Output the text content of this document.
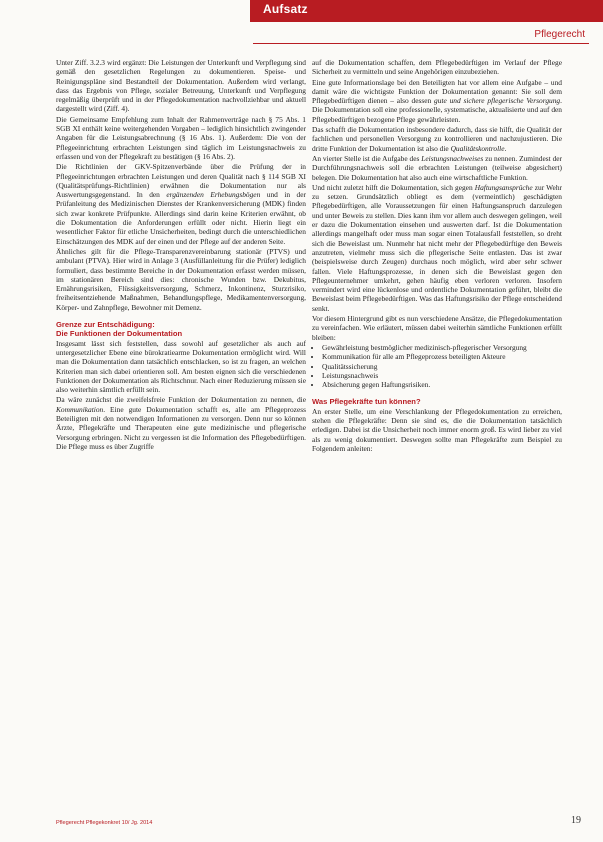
Aufsatz
Pflegerecht

Unter Ziff. 3.2.3 wird ergänzt: Die Leistungen der Unterkunft und Verpflegung sind gemäß den gesetzlichen Regelungen zu dokumentieren. Speise- und Reinigungspläne sind Bestandteil der Dokumentation. Außerdem wird verlangt, dass das Ergebnis von Pflege, sozialer Betreuung, Unterkunft und Verpflegung regelmäßig überprüft und in der Pflegedokumentation nachvollziehbar und aktuell dargestellt wird (Ziff. 4).

Die Gemeinsame Empfehlung zum Inhalt der Rahmenverträge nach § 75 Abs. 1 SGB XI enthält keine weitergehenden Vorgaben – lediglich hinsichtlich zwingender Angaben für die Leistungsabrechnung (§ 16 Abs. 1). Außerdem: Die von der Pflegeeinrichtung erbrachten Leistungen sind täglich im Leistungsnachweis zu erfassen und von der Pflegekraft zu bestätigen (§ 16 Abs. 2).

Die Richtlinien der GKV-Spitzenverbände über die Prüfung der in Pflegeeinrichtungen erbrachten Leistungen und deren Qualität nach § 114 SGB XI (Qualitätsprüfungs-Richtlinien) erwähnen die Dokumentation nur als Auswertungsgegenstand. In den ergänzenden Erhebungsbögen und in der Prüfanleitung des Medizinischen Dienstes der Krankenversicherung (MDK) finden sich zwar konkrete Prüfpunkte. Allerdings sind darin keine Kriterien erwähnt, ob die Dokumentation die Anforderungen erfüllt oder nicht. Hierin liegt ein wesentlicher Faktor für etliche Unsicherheiten, bedingt durch die unterschiedlichen Einschätzungen des MDK auf der einen und der Pflege auf der anderen Seite.

Ähnliches gilt für die Pflege-Transparenzvereinbarung stationär (PTVS) und ambulant (PTVA). Hier wird in Anlage 3 (Ausfüllanleitung für die Prüfer) lediglich formuliert, dass bestimmte Bereiche in der Dokumentation erfasst werden müssen, im stationären Bereich sind dies: chronische Wunden bzw. Dekubitus, Ernährungsrisiken, Flüssigkeitsversorgung, Schmerz, Inkontinenz, Sturzrisiko, freiheitsentziehende Maßnahmen, Behandlungspflege, Medikamentenversorgung, Körper- und Zahnpflege, Bewohner mit Demenz.

Grenze zur Entschädigung:
Die Funktionen der Dokumentation

Insgesamt lässt sich feststellen, dass sowohl auf gesetzlicher als auch auf untergesetzlicher Ebene eine bürokratiearme Dokumentation ermöglicht wird. Will man die Dokumentation dann tatsächlich entschlacken, so ist zu fragen, an welchen Kriterien man sich dabei orientieren soll. Am besten eignen sich die verschiedenen Funktionen der Dokumentation als Richtschnur. Nach einer Reduzierung müssen sie also weiterhin sämtlich erfüllt sein.

Da wäre zunächst die zweifelsfreie Funktion der Dokumentation zu nennen, die Kommunikation. Eine gute Dokumentation schafft es, alle am Pflegeprozess Beteiligten mit den notwendigen Informationen zu versorgen. Denn nur so können Ärzte, Pflegekräfte und Therapeuten eine gute medizinische und pflegerische Versorgung erbringen. Nicht zu vergessen ist die Information des Pflegebedürftigen. Die Pflege muss es über Zugriffe

auf die Dokumentation schaffen, dem Pflegebedürftigen im Verlauf der Pflege Sicherheit zu vermitteln und seine Angehörigen einzubeziehen.

Eine gute Informationslage bei den Beteiligten hat vor allem eine Aufgabe – und damit wäre die wichtigste Funktion der Dokumentation genannt: Sie soll dem Pflegebedürftigen dienen – also dessen gute und sichere pflegerische Versorgung. Die Dokumentation soll eine professionelle, systematische, aktualisierte und auf den Pflegebedürftigen bezogene Pflege gewährleisten.

Das schafft die Dokumentation insbesondere dadurch, dass sie hilft, die Qualität der fachlichen und personellen Versorgung zu kontrollieren und nachzujustieren. Die dritte Funktion der Dokumentation ist also die Qualitätskontrolle.

An vierter Stelle ist die Aufgabe des Leistungsnachweises zu nennen. Zumindest der Durchführungsnachweis soll die erbrachten Leistungen (teilweise abgesichert) belegen. Die Dokumentation hat also auch eine wirtschaftliche Funktion.

Und nicht zuletzt hilft die Dokumentation, sich gegen Haftungsansprüche zur Wehr zu setzen. Grundsätzlich obliegt es dem (vermeintlich) geschädigten Pflegebedürftigen, alle Voraussetzungen für einen Haftungsanspruch darzulegen und unter Beweis zu stellen. Dies kann ihm vor allem auch deswegen gelingen, weil er dazu die Dokumentation einsehen und auswerten darf. Ist die Dokumentation allerdings mangelhaft oder muss man sogar einen Totalausfall feststellen, so dreht sich die Beweislast um. Nunmehr hat nicht mehr der Pflegebedürftige den Beweis anzutreten, vielmehr muss sich die pflegerische Seite entlasten. Das ist zwar (beispielsweise durch Zeugen) durchaus noch möglich, wird aber sehr schwer fallen. Viele Haftungsprozesse, in denen sich die Beweislast gegen den Pflegeunternehmer umkehrt, gehen häufig eben verloren verloren. Insofern vermindert wird eine lückenlose und ordentliche Dokumentation geführt, bleibt die Beweislast beim Pflegebedürftigen. Was das Haftungsrisiko der Pflege entscheidend senkt.

Vor diesem Hintergrund gibt es nun verschiedene Ansätze, die Pflegedokumentation zu vereinfachen. Wie erläutert, müssen dabei weiterhin sämtliche Funktionen erfüllt bleiben:

• Gewährleistung bestmöglicher medizinisch-pflegerischer Versorgung
• Kommunikation für alle am Pflegeprozess beteiligten Akteure
• Qualitätssicherung
• Leistungsnachweis
• Absicherung gegen Haftungsrisiken.
Was Pflegekräfte tun können?

An erster Stelle, um eine Verschlankung der Pflegedokumentation zu erreichen, stehen die Pflegekräfte: Denn sie sind es, die die Dokumentation tatsächlich erledigen. Dabei ist die Unsicherheit noch immer enorm groß. Es wird lieber zu viel als zu wenig dokumentiert. Deswegen sollte man Pflegekräfte zum Beispiel zu Folgendem anleiten:

Pflegerecht Pflegekonkret 10/ Jg. 2014	19
